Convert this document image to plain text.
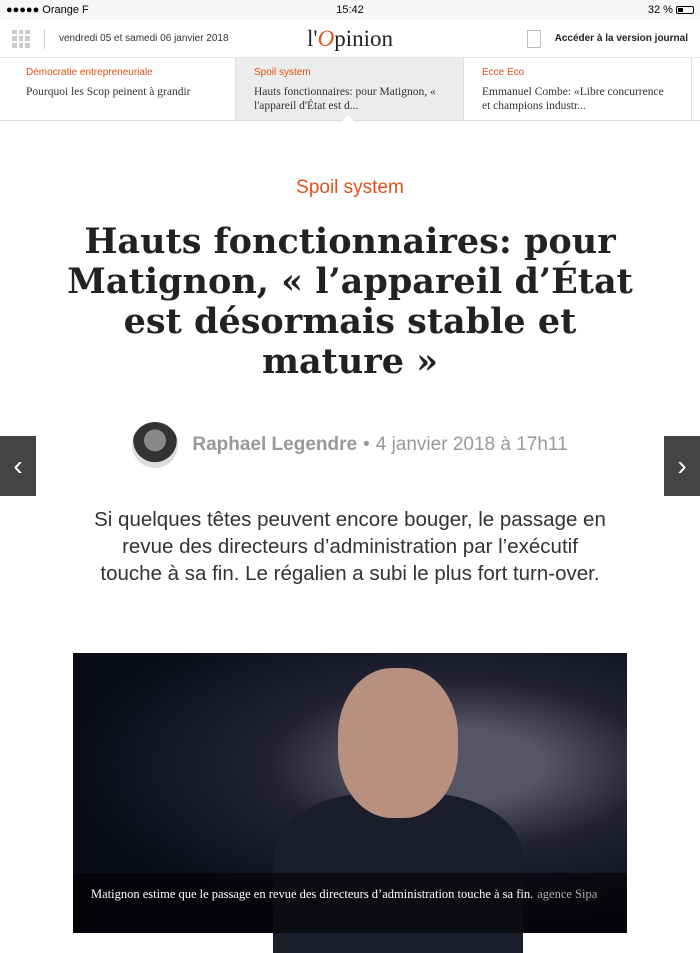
●●●●● Orange F	15:42	32 %
vendredi 05 et samedi 06 janvier 2018	l'Opinion	Accéder à la version journal
Démocratie entrepreneuriale
Pourquoi les Scop peinent à grandir
Spoil system
Hauts fonctionnaires: pour Matignon, « l'appareil d'État est d...
Ecce Eco
Emmanuel Combe: «Libre concurrence et champions industr...
Spoil system
Hauts fonctionnaires: pour Matignon, « l’appareil d’État est désormais stable et mature »
Raphael Legendre • 4 janvier 2018 à 17h11

Si quelques têtes peuvent encore bouger, le passage en revue des directeurs d’administration par l’exécutif touche à sa fin. Le régalien a subi le plus fort turn-over.

‹	›
Matignon estime que le passage en revue des directeurs d’administration touche à sa fin. agence Sipa
